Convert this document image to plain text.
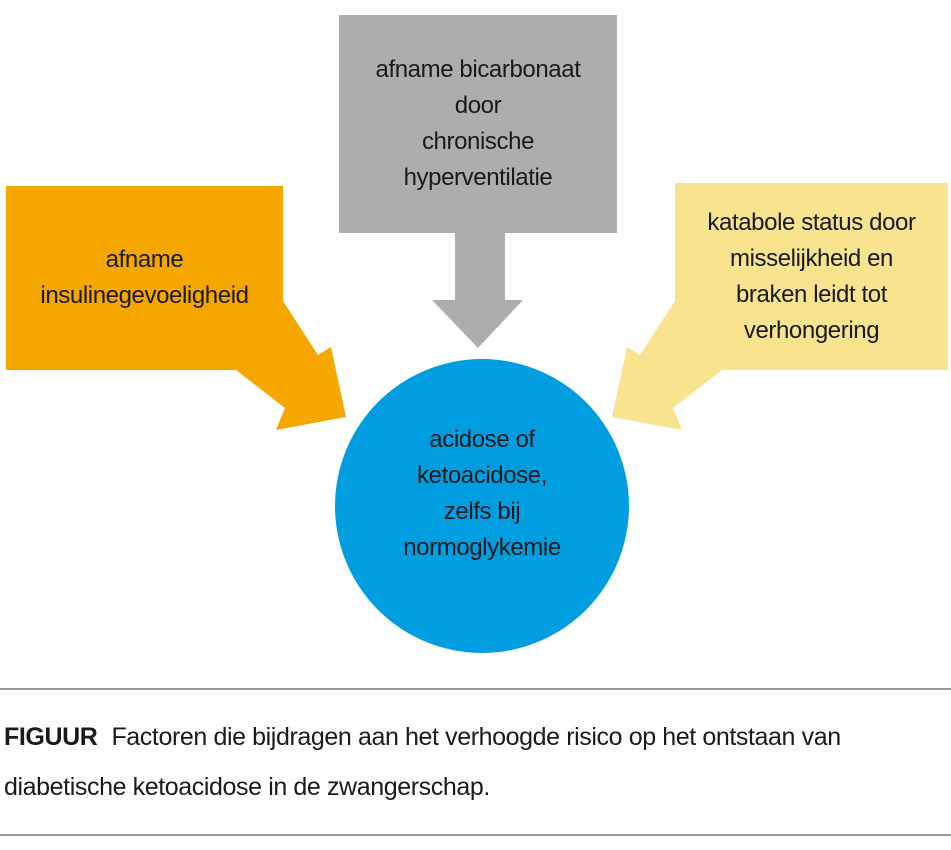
afname
insulinegevoeligheid
afname bicarbonaat
door
chronische
hyperventilatie
katabole status door
misselijkheid en
braken leidt tot
verhongering
acidose of
ketoacidose,
zelfs bij
normoglykemie

FIGUUR Factoren die bijdragen aan het verhoogde risico op het ontstaan van

diabetische ketoacidose in de zwangerschap.
